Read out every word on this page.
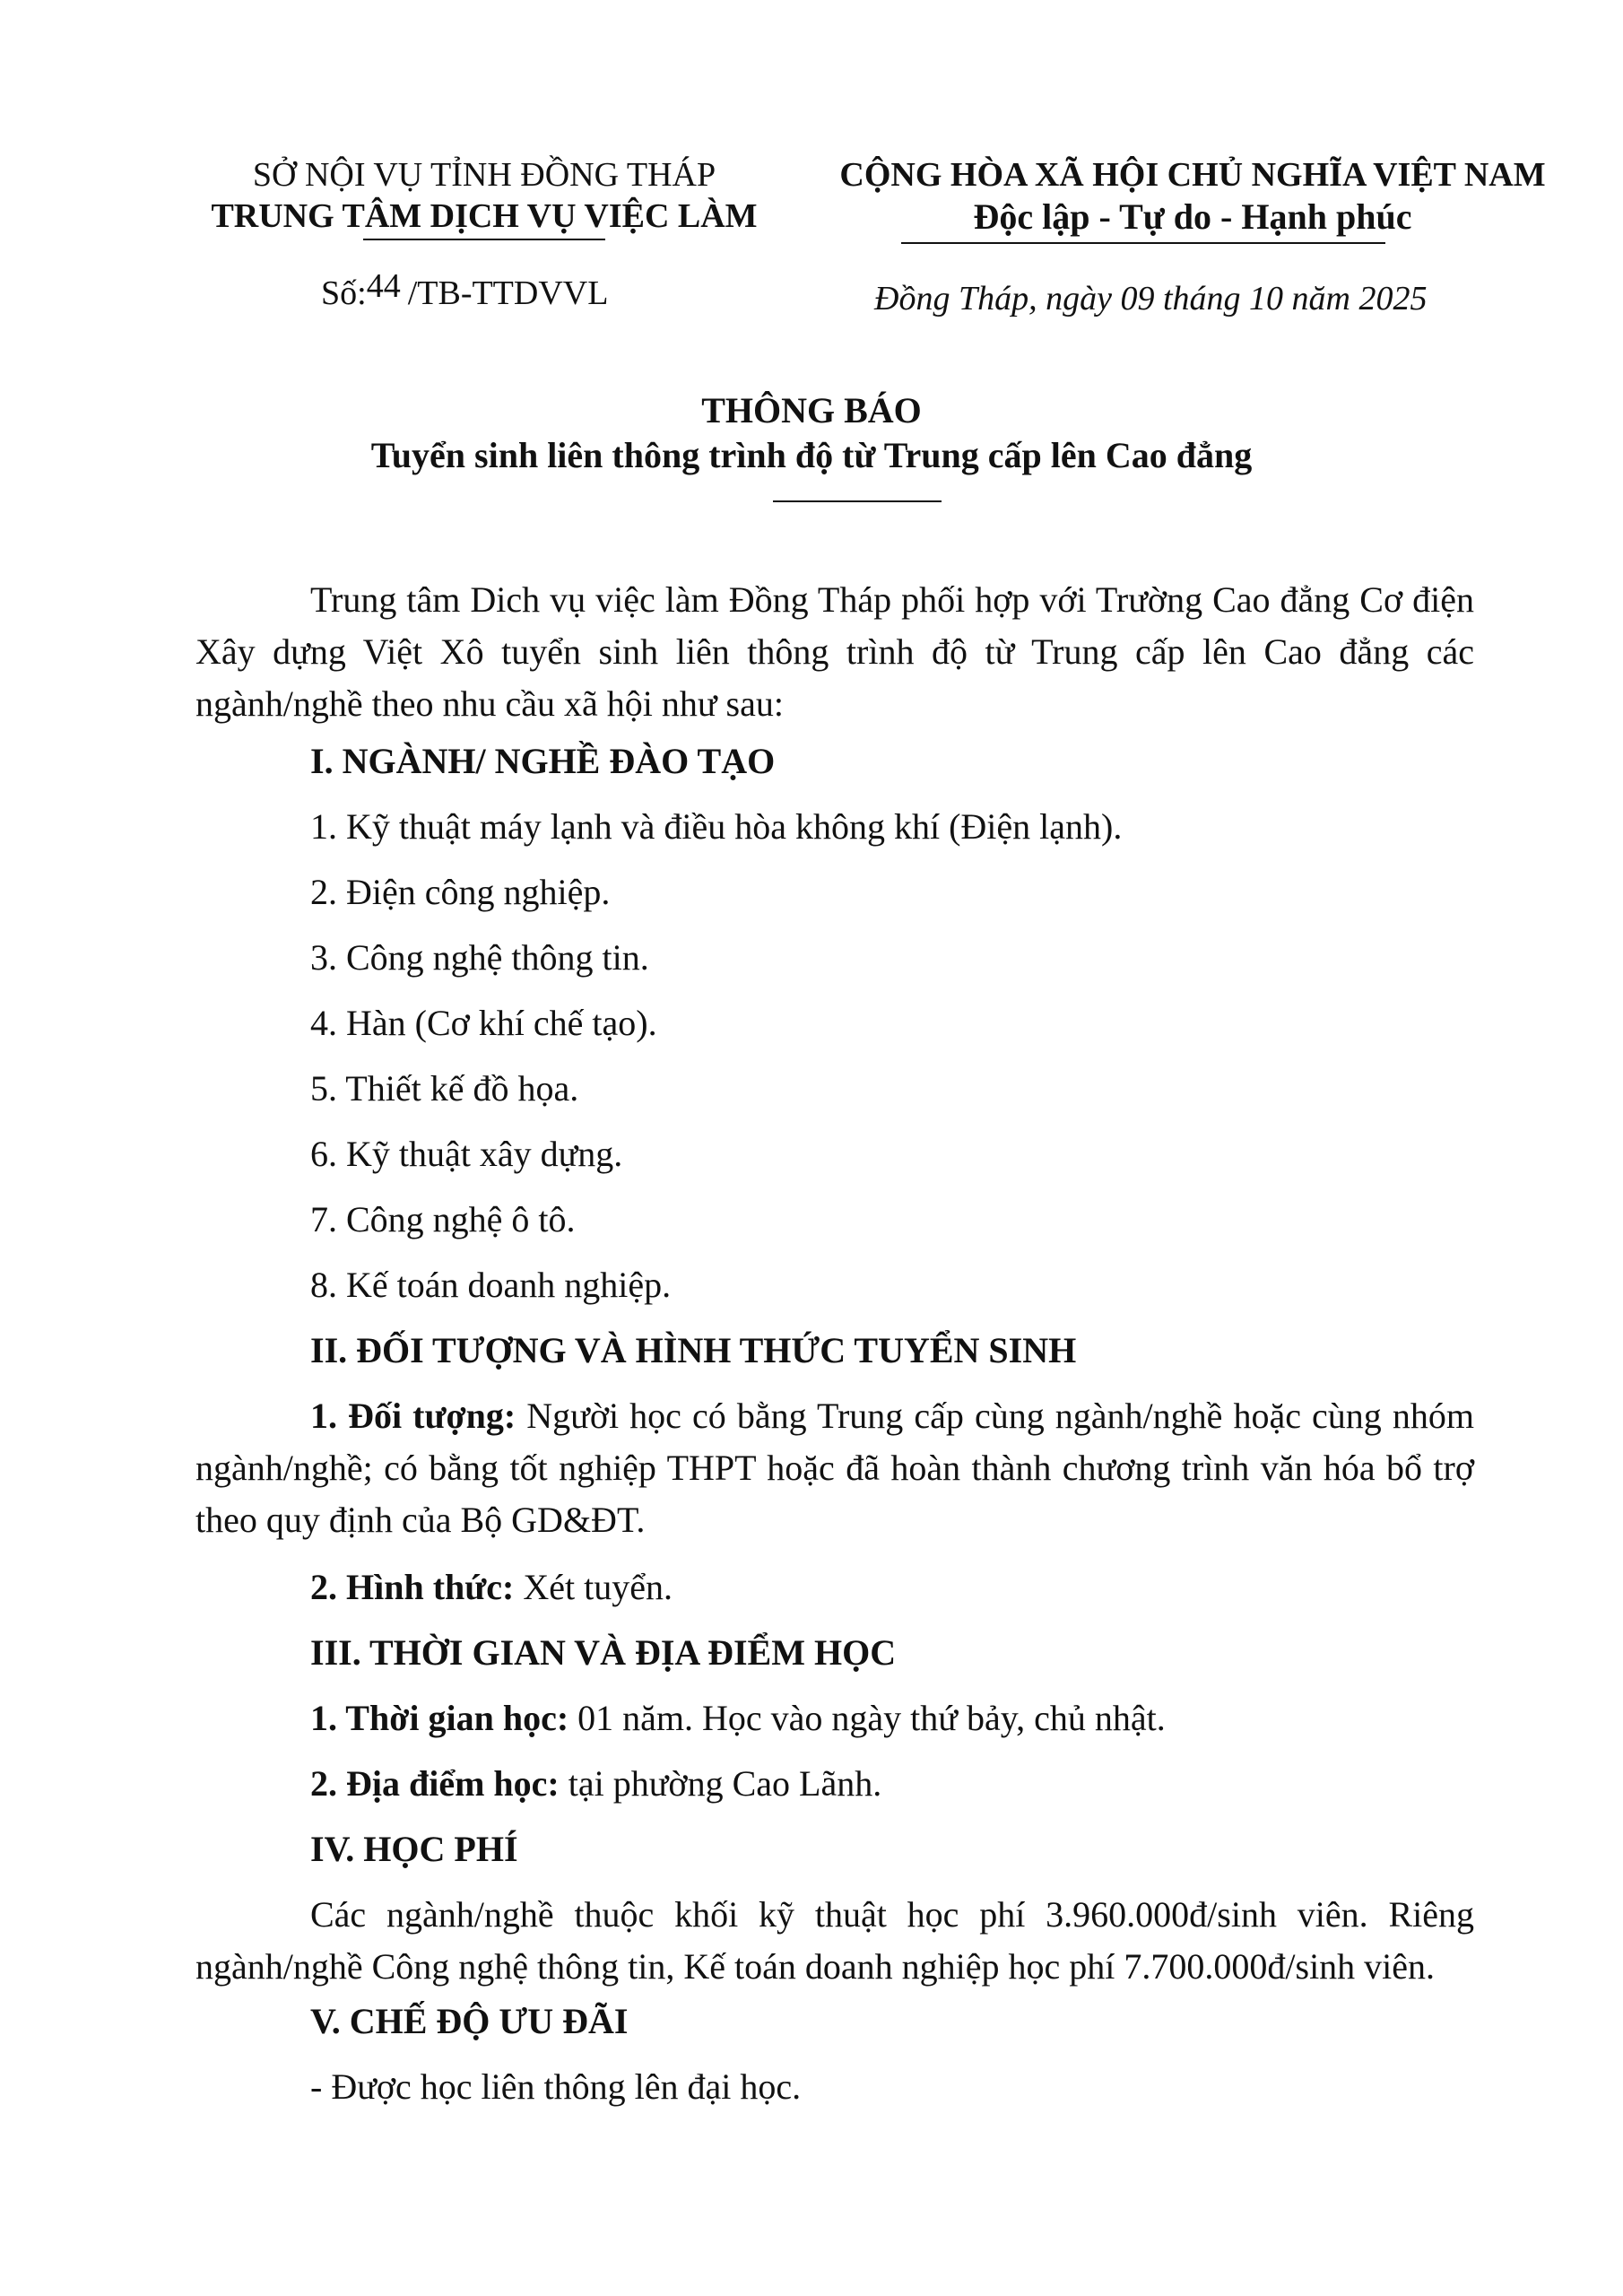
SỞ NỘI VỤ TỈNH ĐỒNG THÁP
TRUNG TÂM DỊCH VỤ VIỆC LÀM
CỘNG HÒA XÃ HỘI CHỦ NGHĨA VIỆT NAM
Độc lập - Tự do - Hạnh phúc
Số:44 /TB-TTDVVL	Đồng Tháp, ngày 09 tháng 10 năm 2025
THÔNG BÁO
Tuyển sinh liên thông trình độ từ Trung cấp lên Cao đẳng
Trung tâm Dich vụ việc làm Đồng Tháp phối hợp với Trường Cao đẳng Cơ điện Xây dựng Việt Xô tuyển sinh liên thông trình độ từ Trung cấp lên Cao đẳng các ngành/nghề theo nhu cầu xã hội như sau:
I. NGÀNH/ NGHỀ ĐÀO TẠO
1. Kỹ thuật máy lạnh và điều hòa không khí (Điện lạnh).
2. Điện công nghiệp.
3. Công nghệ thông tin.
4. Hàn (Cơ khí chế tạo).
5. Thiết kế đồ họa.
6. Kỹ thuật xây dựng.
7. Công nghệ ô tô.
8. Kế toán doanh nghiệp.
II. ĐỐI TƯỢNG VÀ HÌNH THỨC TUYỂN SINH
1. Đối tượng: Người học có bằng Trung cấp cùng ngành/nghề hoặc cùng nhóm ngành/nghề; có bằng tốt nghiệp THPT hoặc đã hoàn thành chương trình văn hóa bổ trợ theo quy định của Bộ GD&ĐT.
2. Hình thức: Xét tuyển.
III. THỜI GIAN VÀ ĐỊA ĐIỂM HỌC
1. Thời gian học: 01 năm. Học vào ngày thứ bảy, chủ nhật.
2. Địa điểm học: tại phường Cao Lãnh.
IV. HỌC PHÍ
Các ngành/nghề thuộc khối kỹ thuật học phí 3.960.000đ/sinh viên. Riêng ngành/nghề Công nghệ thông tin, Kế toán doanh nghiệp học phí 7.700.000đ/sinh viên.
V. CHẾ ĐỘ ƯU ĐÃI
- Được học liên thông lên đại học.
